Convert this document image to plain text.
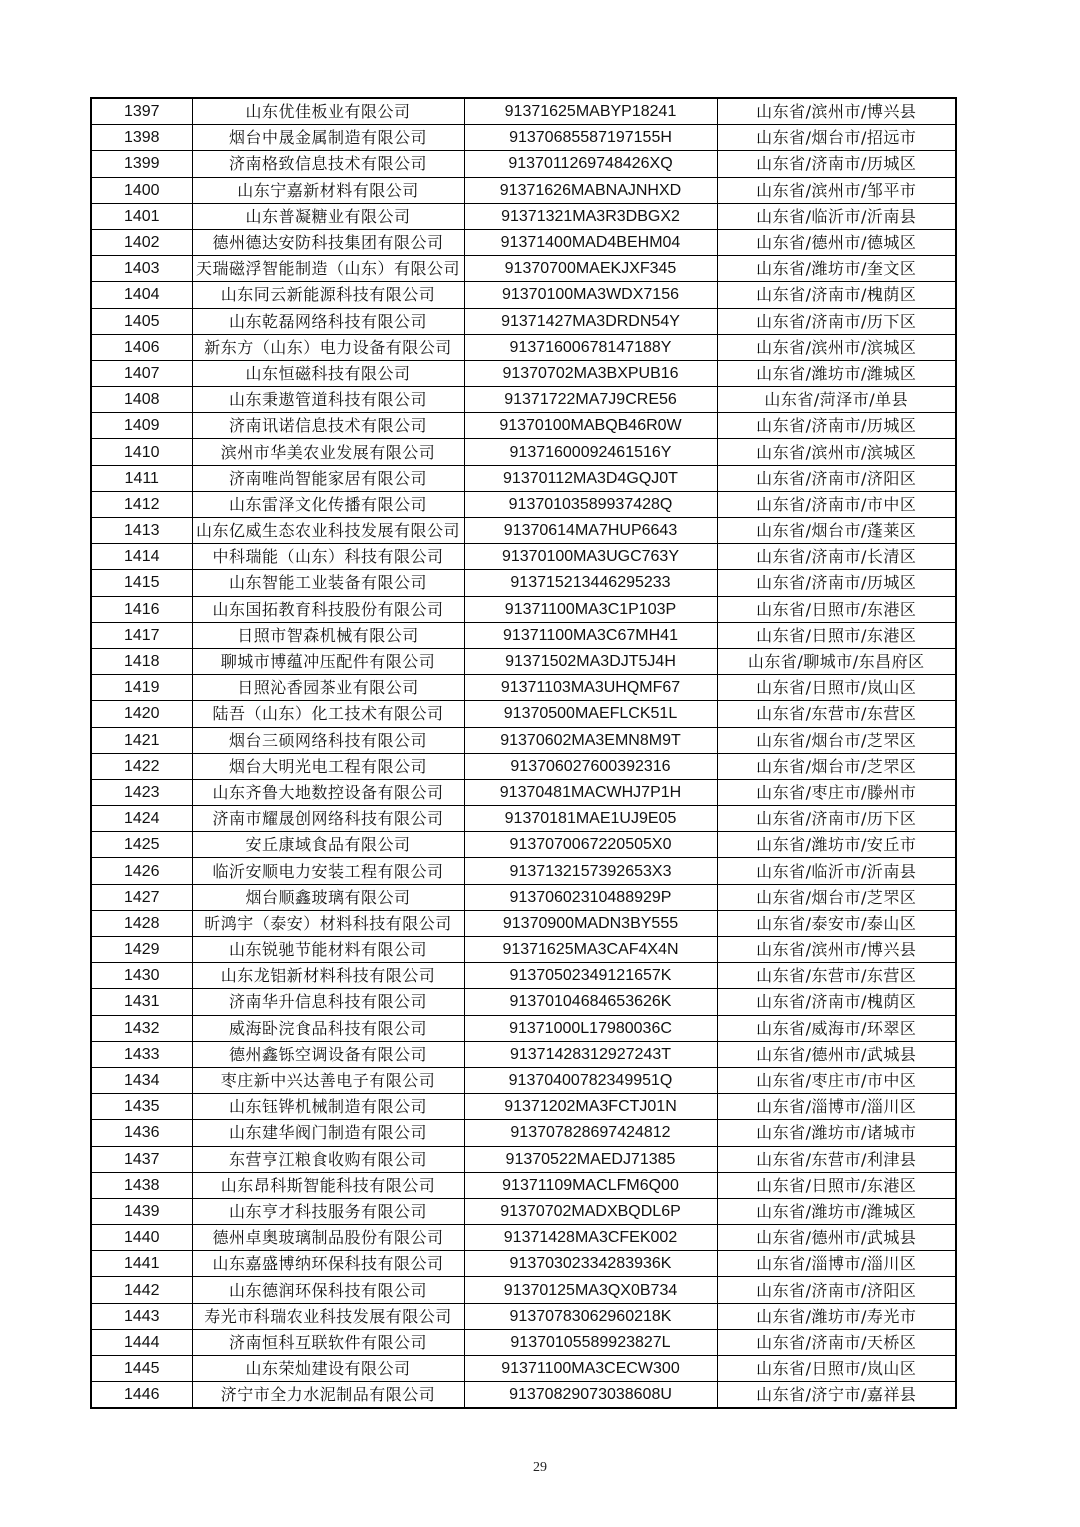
1397	山东优佳板业有限公司	91371625MABYP18241	山东省/滨州市/博兴县
1398	烟台中晟金属制造有限公司	91370685587197155H	山东省/烟台市/招远市
1399	济南格致信息技术有限公司	9137011269748426XQ	山东省/济南市/历城区
1400	山东宁嘉新材料有限公司	91371626MABNAJNHXD	山东省/滨州市/邹平市
1401	山东普凝糖业有限公司	91371321MA3R3DBGX2	山东省/临沂市/沂南县
1402	德州德达安防科技集团有限公司	91371400MAD4BEHM04	山东省/德州市/德城区
1403	天瑞磁浮智能制造（山东）有限公司	91370700MAEKJXF345	山东省/潍坊市/奎文区
1404	山东同云新能源科技有限公司	91370100MA3WDX7156	山东省/济南市/槐荫区
1405	山东乾磊网络科技有限公司	91371427MA3DRDN54Y	山东省/济南市/历下区
1406	新东方（山东）电力设备有限公司	91371600678147188Y	山东省/滨州市/滨城区
1407	山东恒磁科技有限公司	91370702MA3BXPUB16	山东省/潍坊市/潍城区
1408	山东秉遨管道科技有限公司	91371722MA7J9CRE56	山东省/菏泽市/单县
1409	济南讯诺信息技术有限公司	91370100MABQB46R0W	山东省/济南市/历城区
1410	滨州市华美农业发展有限公司	91371600092461516Y	山东省/滨州市/滨城区
1411	济南唯尚智能家居有限公司	91370112MA3D4GQJ0T	山东省/济南市/济阳区
1412	山东雷泽文化传播有限公司	91370103589937428Q	山东省/济南市/市中区
1413	山东亿威生态农业科技发展有限公司	91370614MA7HUP6643	山东省/烟台市/蓬莱区
1414	中科瑞能（山东）科技有限公司	91370100MA3UGC763Y	山东省/济南市/长清区
1415	山东智能工业装备有限公司	913715213446295233	山东省/济南市/历城区
1416	山东国拓教育科技股份有限公司	91371100MA3C1P103P	山东省/日照市/东港区
1417	日照市智森机械有限公司	91371100MA3C67MH41	山东省/日照市/东港区
1418	聊城市博蕴冲压配件有限公司	91371502MA3DJT5J4H	山东省/聊城市/东昌府区
1419	日照沁香园茶业有限公司	91371103MA3UHQMF67	山东省/日照市/岚山区
1420	陆吾（山东）化工技术有限公司	91370500MAEFLCK51L	山东省/东营市/东营区
1421	烟台三硕网络科技有限公司	91370602MA3EMN8M9T	山东省/烟台市/芝罘区
1422	烟台大明光电工程有限公司	913706027600392316	山东省/烟台市/芝罘区
1423	山东齐鲁大地数控设备有限公司	91370481MACWHJ7P1H	山东省/枣庄市/滕州市
1424	济南市耀晟创网络科技有限公司	91370181MAE1UJ9E05	山东省/济南市/历下区
1425	安丘康域食品有限公司	9137070067220505X0	山东省/潍坊市/安丘市
1426	临沂安顺电力安装工程有限公司	9137132157392653X3	山东省/临沂市/沂南县
1427	烟台顺鑫玻璃有限公司	91370602310488929P	山东省/烟台市/芝罘区
1428	昕鸿宇（泰安）材料科技有限公司	91370900MADN3BY555	山东省/泰安市/泰山区
1429	山东锐驰节能材料有限公司	91371625MA3CAF4X4N	山东省/滨州市/博兴县
1430	山东龙铝新材料科技有限公司	91370502349121657K	山东省/东营市/东营区
1431	济南华升信息科技有限公司	91370104684653626K	山东省/济南市/槐荫区
1432	威海卧浣食品科技有限公司	91371000L17980036C	山东省/威海市/环翠区
1433	德州鑫铄空调设备有限公司	91371428312927243T	山东省/德州市/武城县
1434	枣庄新中兴达善电子有限公司	91370400782349951Q	山东省/枣庄市/市中区
1435	山东钰铧机械制造有限公司	91371202MA3FCTJ01N	山东省/淄博市/淄川区
1436	山东建华阀门制造有限公司	913707828697424812	山东省/潍坊市/诸城市
1437	东营亨江粮食收购有限公司	91370522MAEDJ71385	山东省/东营市/利津县
1438	山东昂科斯智能科技有限公司	91371109MACLFM6Q00	山东省/日照市/东港区
1439	山东亨才科技服务有限公司	91370702MADXBQDL6P	山东省/潍坊市/潍城区
1440	德州卓奥玻璃制品股份有限公司	91371428MA3CFEK002	山东省/德州市/武城县
1441	山东嘉盛博纳环保科技有限公司	91370302334283936K	山东省/淄博市/淄川区
1442	山东德润环保科技有限公司	91370125MA3QX0B734	山东省/济南市/济阳区
1443	寿光市科瑞农业科技发展有限公司	91370783062960218K	山东省/潍坊市/寿光市
1444	济南恒科互联软件有限公司	91370105589923827L	山东省/济南市/天桥区
1445	山东荣灿建设有限公司	91371100MA3CECW300	山东省/日照市/岚山区
1446	济宁市全力水泥制品有限公司	91370829073038608U	山东省/济宁市/嘉祥县
29
